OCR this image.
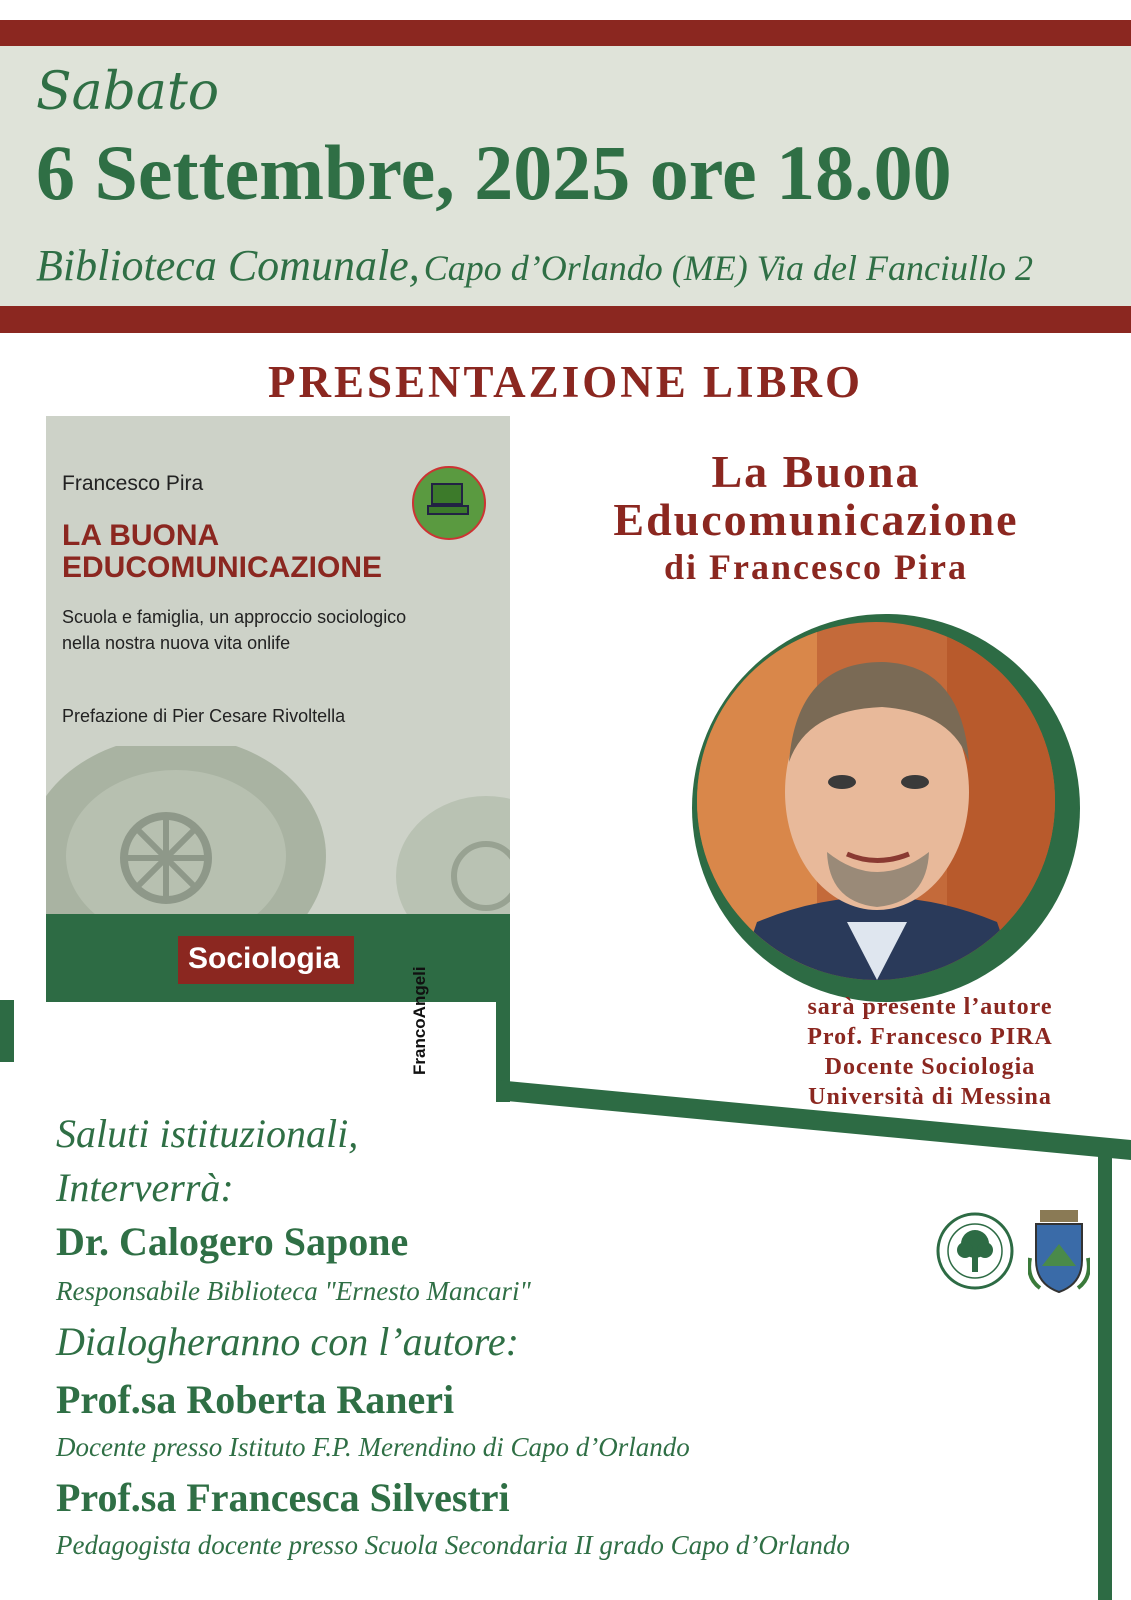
Sabato
6 Settembre, 2025 ore 18.00
Biblioteca Comunale, Capo d’Orlando (ME) Via del Fanciullo 2
PRESENTAZIONE LIBRO
Francesco Pira
LA BUONA
EDUCOMUNICAZIONE
Scuola e famiglia, un approccio sociologico
nella nostra nuova vita onlife
Prefazione di Pier Cesare Rivoltella
Sociologia
FrancoAngeli
La Buona
Educomunicazione
di Francesco Pira
sarà presente l’autore
Prof. Francesco PIRA
Docente Sociologia
Università di Messina
Saluti istituzionali,
Interverrà:
Dr. Calogero Sapone
Responsabile Biblioteca "Ernesto Mancari"
Dialogheranno con l’autore:
Prof.sa Roberta Raneri
Docente presso Istituto F.P. Merendino di Capo d’Orlando
Prof.sa Francesca Silvestri
Pedagogista docente presso Scuola Secondaria II grado Capo d’Orlando
